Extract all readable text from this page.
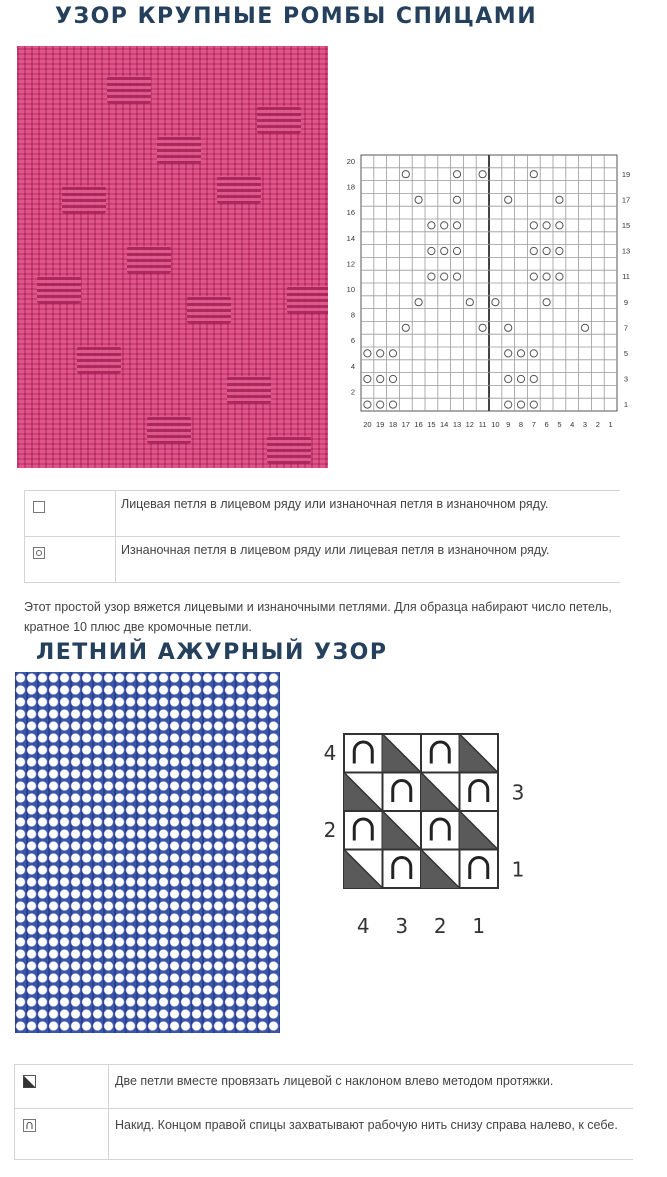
УЗОР КРУПНЫЕ РОМБЫ СПИЦАМИ
20 19 18 17 16 15 14 13 12 11 10 9 8 7 6 5 4 3 2 1
20
18
16
14
12
10
8
6
4
2
19
17
15
13
11
9
7
5
3
1
	Лицевая петля в лицевом ряду или изнаночная петля в изнаночном ряду.
	Изнаночная петля в лицевом ряду или лицевая петля в изнаночном ряду.

Этот простой узор вяжется лицевыми и изнаночными петлями. Для образца набирают число петель, кратное 10 плюс две кромочные петли.

ЛЕТНИЙ АЖУРНЫЙ УЗОР
4
2
3
1
4 3 2 1
	Две петли вместе провязать лицевой с наклоном влево методом протяжки.
	Накид. Концом правой спицы захватывают рабочую нить снизу справа налево, к себе.
